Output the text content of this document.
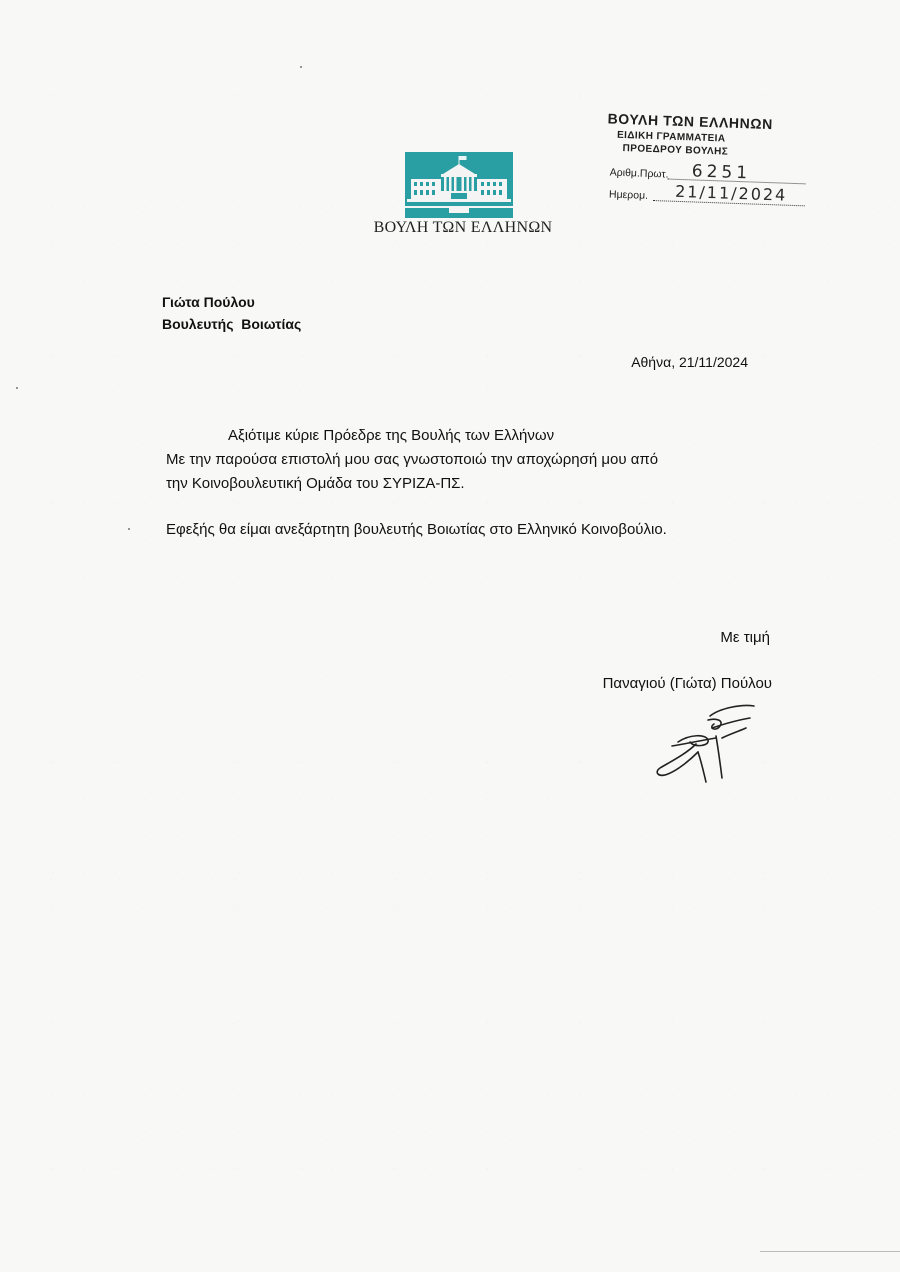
ΒΟΥΛΗ ΤΩΝ ΕΛΛΗΝΩΝ
ΒΟΥΛΗ ΤΩΝ ΕΛΛΗΝΩΝ
ΕΙΔΙΚΗ ΓΡΑΜΜΑΤΕΙΑ
ΠΡΟΕΔΡΟΥ ΒΟΥΛΗΣ
Αριθμ.Πρωτ. 6251
Ημερομ. 21/11/2024
Γιώτα Πούλου
Βουλευτής  Βοιωτίας
Αθήνα, 21/11/2024
Αξιότιμε κύριε Πρόεδρε της Βουλής των Ελλήνων
Με την παρούσα επιστολή μου σας γνωστοποιώ την αποχώρησή μου από
την Κοινοβουλευτική Ομάδα του ΣΥΡΙΖΑ-ΠΣ.
Εφεξής θα είμαι ανεξάρτητη βουλευτής Βοιωτίας στο Ελληνικό Κοινοβούλιο.
Με τιμή
Παναγιού (Γιώτα) Πούλου
